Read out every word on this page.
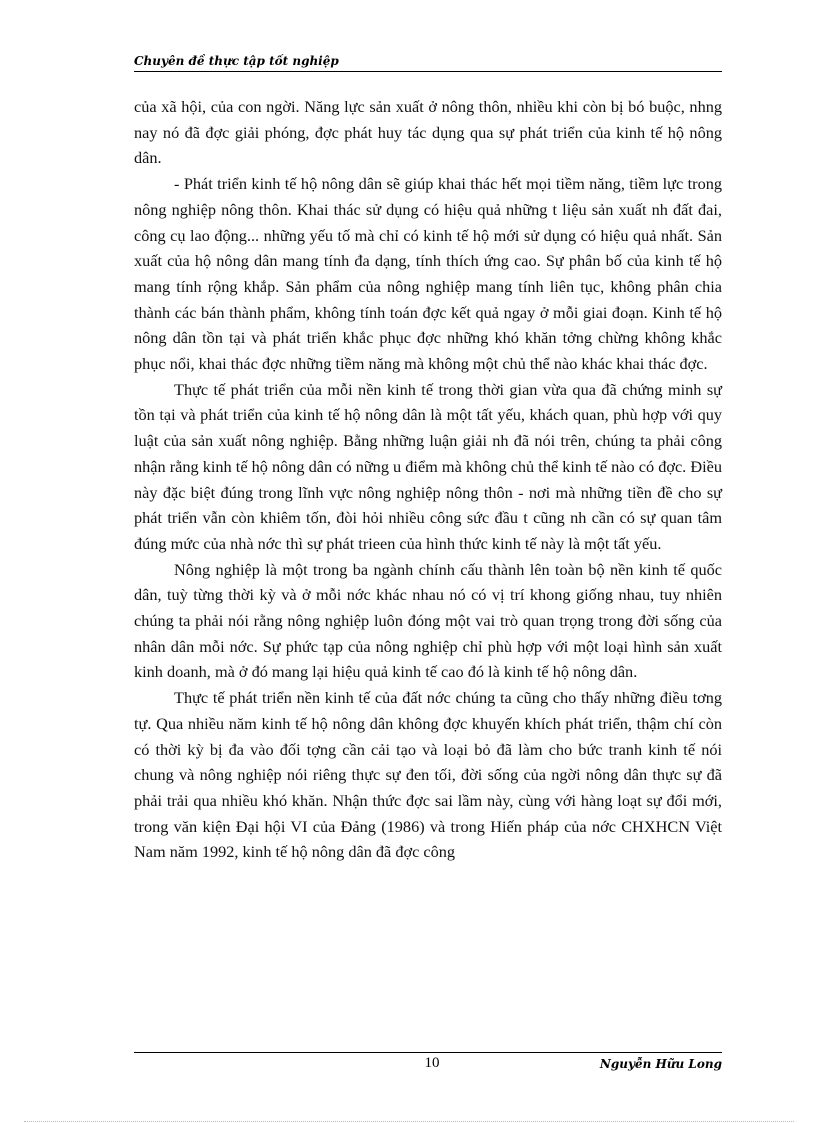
Chuyên đề thực tập tốt nghiệp

của xã hội, của con ngời. Năng lực sản xuất ở nông thôn, nhiều khi còn bị bó buộc, nhng nay nó đã đợc giải phóng, đợc phát huy tác dụng qua sự phát triển của kinh tế hộ nông dân.

- Phát triển kinh tế hộ nông dân sẽ giúp khai thác hết mọi tiềm năng, tiềm lực trong nông nghiệp nông thôn. Khai thác sử dụng có hiệu quả những t liệu sản xuất nh đất đai, công cụ lao động... những yếu tố mà chỉ có kinh tế hộ mới sử dụng có hiệu quả nhất. Sản xuất của hộ nông dân mang tính đa dạng, tính thích ứng cao. Sự phân bố của kinh tế hộ mang tính rộng khắp. Sản phẩm của nông nghiệp mang tính liên tục, không phân chia thành các bán thành phẩm, không tính toán đợc kết quả ngay ở mỗi giai đoạn. Kinh tế hộ nông dân tồn tại và phát triển khắc phục đợc những khó khăn tởng chừng không khắc phục nổi, khai thác đợc những tiềm năng mà không một chủ thể nào khác khai thác đợc.

Thực tế phát triển của mỗi nền kinh tế trong thời gian vừa qua đã chứng minh sự tồn tại và phát triển của kinh tế hộ nông dân là một tất yếu, khách quan, phù hợp với quy luật của sản xuất nông nghiệp. Bằng những luận giải nh đã nói trên, chúng ta phải công nhận rằng kinh tế hộ nông dân có nững u điểm mà không chủ thể kinh tế nào có đợc. Điều này đặc biệt đúng trong lĩnh vực nông nghiệp nông thôn - nơi mà những tiền đề cho sự phát triển vẫn còn khiêm tốn, đòi hỏi nhiều công sức đầu t cũng nh cần có sự quan tâm đúng mức của nhà nớc thì sự phát trieen của hình thức kinh tế này là một tất yếu.

Nông nghiệp là một trong ba ngành chính cấu thành lên toàn bộ nền kinh tế quốc dân, tuỳ từng thời kỳ và ở mỗi nớc khác nhau nó có vị trí khong giống nhau, tuy nhiên chúng ta phải nói rằng nông nghiệp luôn đóng một vai trò quan trọng trong đời sống của nhân dân mỗi nớc. Sự phức tạp của nông nghiệp chỉ phù hợp với một loại hình sản xuất kinh doanh, mà ở đó mang lại hiệu quả kinh tế cao đó là kinh tế hộ nông dân.

Thực tế phát triển nền kinh tế của đất nớc chúng ta cũng cho thấy những điều tơng tự. Qua nhiều năm kinh tế hộ nông dân không đợc khuyến khích phát triển, thậm chí còn có thời kỳ bị đa vào đối tợng cần cải tạo và loại bỏ đã làm cho bức tranh kinh tế nói chung và nông nghiệp nói riêng thực sự đen tối, đời sống của ngời nông dân thực sự đã phải trải qua nhiều khó khăn. Nhận thức đợc sai lầm này, cùng với hàng loạt sự đổi mới, trong văn kiện Đại hội VI của Đảng (1986) và trong Hiến pháp của nớc CHXHCN Việt Nam năm 1992, kinh tế hộ nông dân đã đợc công

10	Nguyễn Hữu Long
